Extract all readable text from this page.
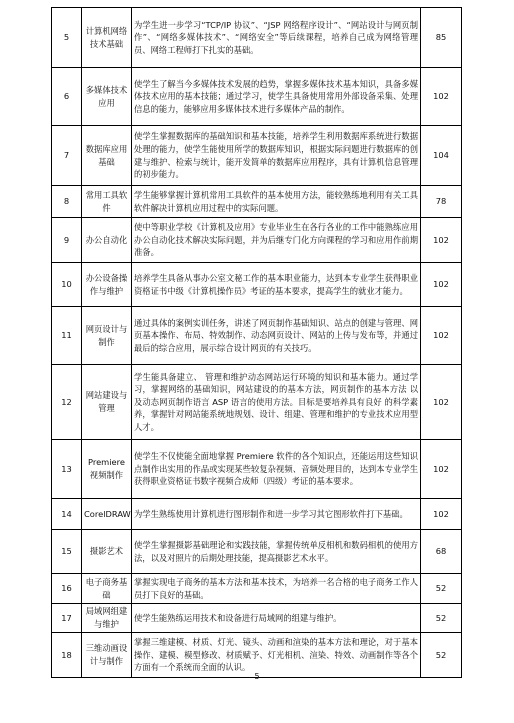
5	计算机网络技术基础	为学生进一步学习“TCP/IP 协议”、“JSP 网络程序设计”、“网站设计与网页制作”、“网络多媒体技术”、“网络安全”等后续课程，培养自己成为网络管理员、网络工程师打下扎实的基础。	85
6	多媒体技术应用	使学生了解当今多媒体技术发展的趋势，掌握多媒体技术基本知识，具备多媒体技术应用的基本技能；通过学习，使学生具备使用常用外部设备采集、处理信息的能力，能够应用多媒体技术进行多媒体产品的制作。	102
7	数据库应用基础	使学生掌握数据库的基础知识和基本技能，培养学生利用数据库系统进行数据处理的能力，使学生能使用所学的数据库知识，根据实际问题进行数据库的创建与维护、检索与统计，能开发简单的数据库应用程序，具有计算机信息管理的初步能力。	104
8	常用工具软件	学生能够掌握计算机常用工具软件的基本使用方法，能较熟练地利用有关工具软件解决计算机应用过程中的实际问题。	78
9	办公自动化	使中等职业学校《计算机及应用》专业毕业生在各行各业的工作中能熟练应用办公自动化技术解决实际问题，并为后继专门化方向课程的学习和应用作前期准备。	102
10	办公设备操作与维护	培养学生具备从事办公室文秘工作的基本职业能力，达到本专业学生获得职业资格证书中级《计算机操作员》考证的基本要求，提高学生的就业才能力。	102
11	网页设计与制作	通过具体的案例实训任务，讲述了网页制作基础知识、站点的创建与管理、网页基本操作、布局、特效制作、动态网页设计、网站的上传与发布等，并通过最后的综合应用，展示综合设计网页的有关技巧。	102
12	网站建设与管理	学生能具备建立、 管理和维护动态网站运行环境的知识和基本能力。通过学习，掌握网络的基础知识，网站建设的的基本方法，网页制作的基本方法 以及动态网页制作语言 ASP 语言的使用方法。目标是要培养具有良好 的科学素养，掌握针对网站能系统地规划、设计、组建、管理和维护的专业技术应用型人才。	102
13	Premiere视频制作	使学生不仅使能全面地掌握 Premiere 软件的各个知识点，还能运用这些知识点制作出实用的作品或实现某些较复杂视频、音频处理目的，达到本专业学生获得职业资格证书数字视频合成师（四级）考证的基本要求。	102
14	CorelDRAW	为学生熟练使用计算机进行图形制作和进一步学习其它图形软件打下基础。	102
15	摄影艺术	使学生掌握摄影基础理论和实践技能，掌握传统单反相机和数码相机的使用方法，以及对照片的后期处理技能，提高摄影艺术水平。	68
16	电子商务基础	掌握实现电子商务的基本方法和基本技术，为培养一名合格的电子商务工作人员打下良好的基础。	52
17	局域网组建与维护	使学生能熟练运用技术和设备进行局域网的组建与维护。	52
18	三维动画设计与制作	掌握三维建模、材质、灯光、镜头、动画和渲染的基本方法和理论，对于基本操作、建模、模型修改、材质赋予、灯光相机、渲染、特效、动画制作等各个方面有一个系统而全面的认识。	52
5
